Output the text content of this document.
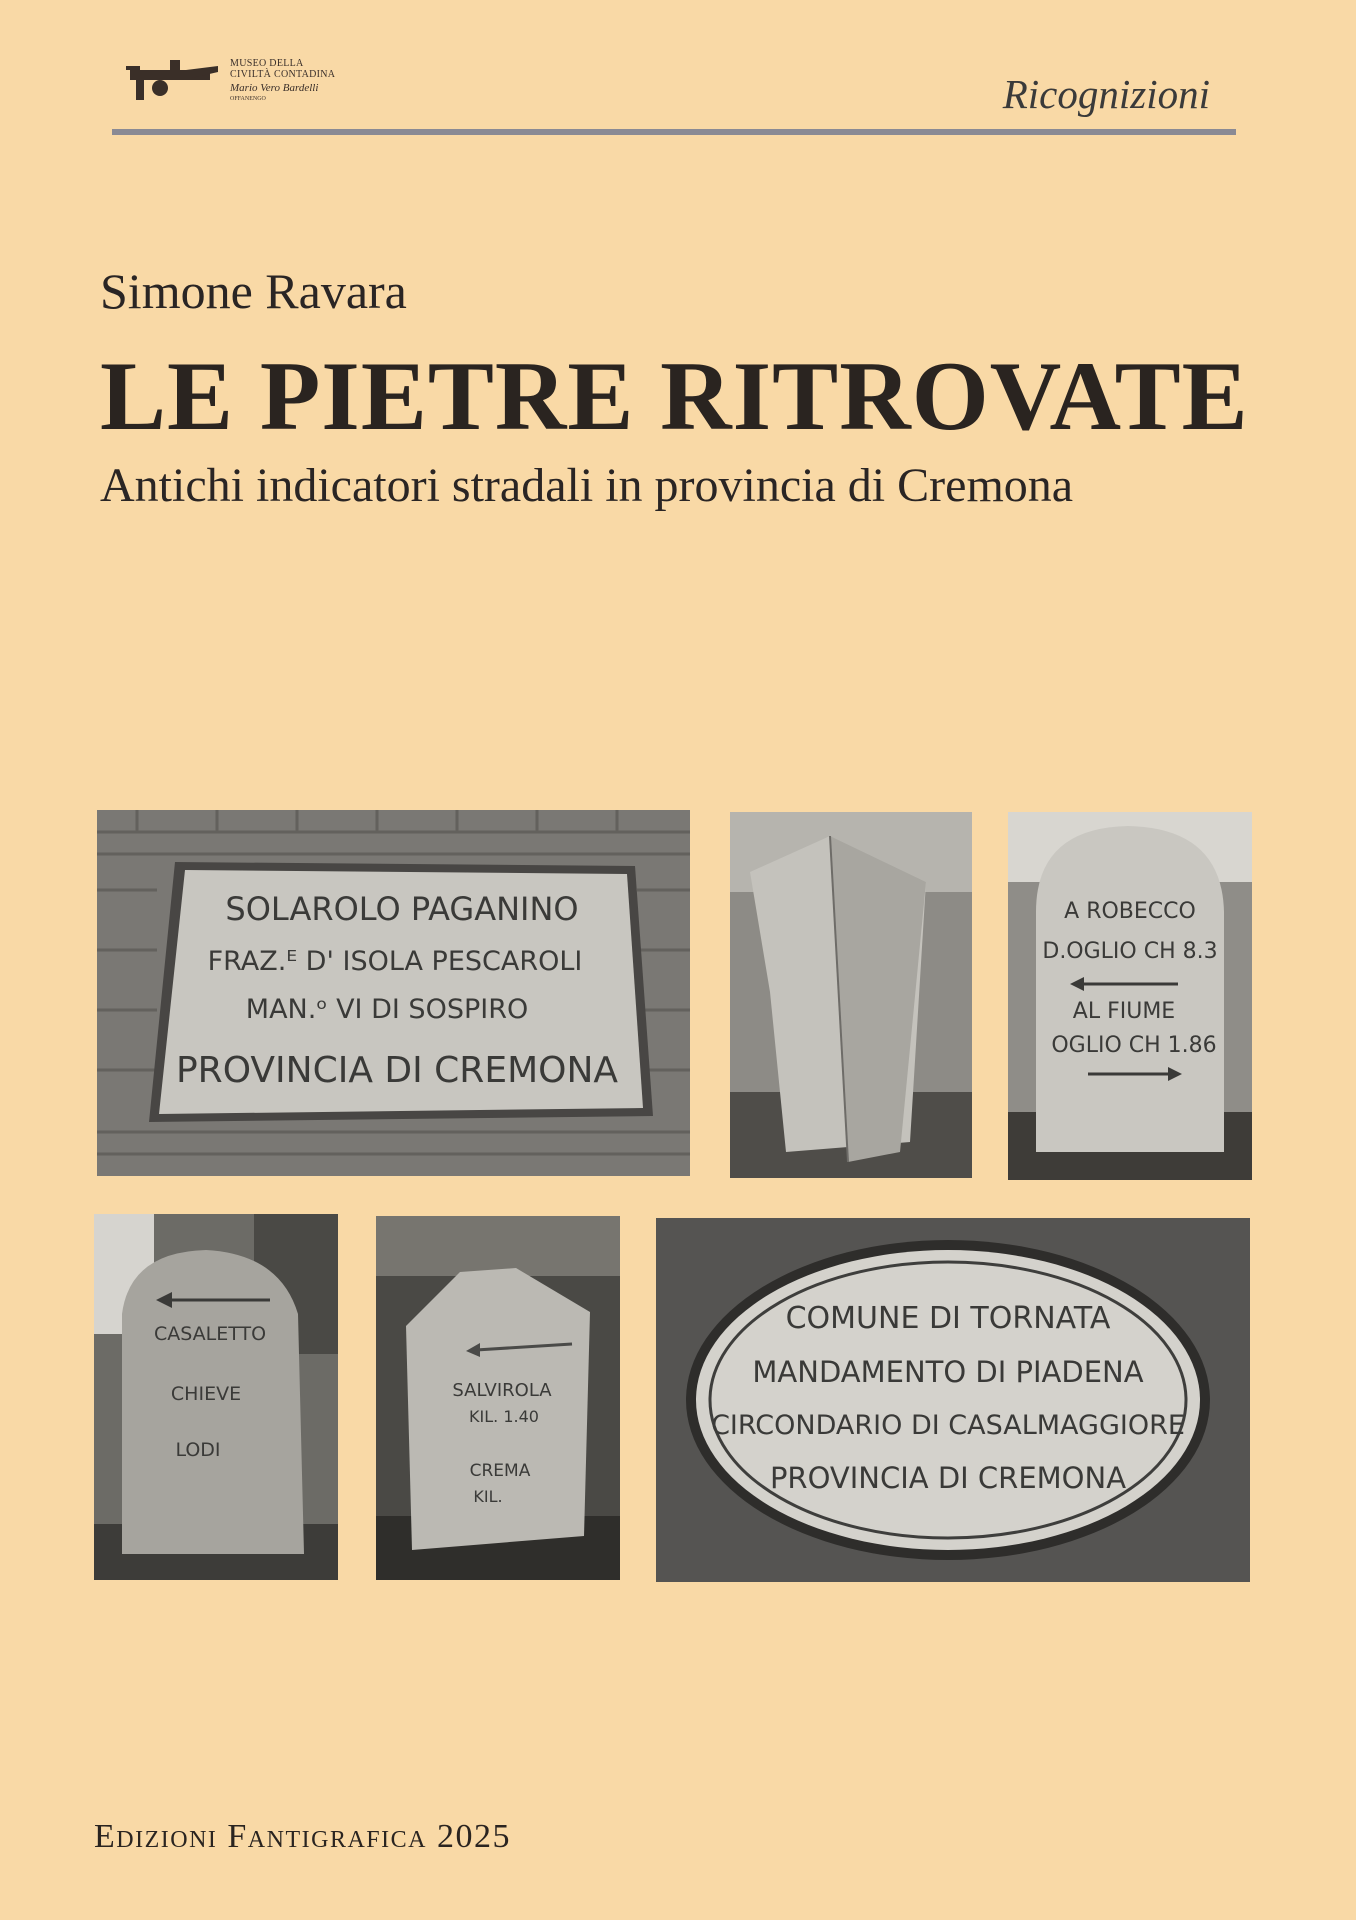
MUSEO DELLA
CIVILTÀ CONTADINA
Mario Vero Bardelli
OFFANENGO	Ricognizioni
Simone Ravara
LE PIETRE RITROVATE
Antichi indicatori stradali in provincia di Cremona
SOLAROLO PAGANINO
FRAZ.ᴱ D' ISOLA PESCAROLI
MAN.ᵒ VI DI SOSPIRO
PROVINCIA DI CREMONA
A ROBECCO
D.OGLIO CH 8.3
AL FIUME
OGLIO CH 1.86
CASALETTO
CHIEVE
LODI
SALVIROLA
KIL. 1.40
CREMA
KIL.
COMUNE DI TORNATA
MANDAMENTO DI PIADENA
CIRCONDARIO DI CASALMAGGIORE
PROVINCIA DI CREMONA
Edizioni Fantigrafica 2025
